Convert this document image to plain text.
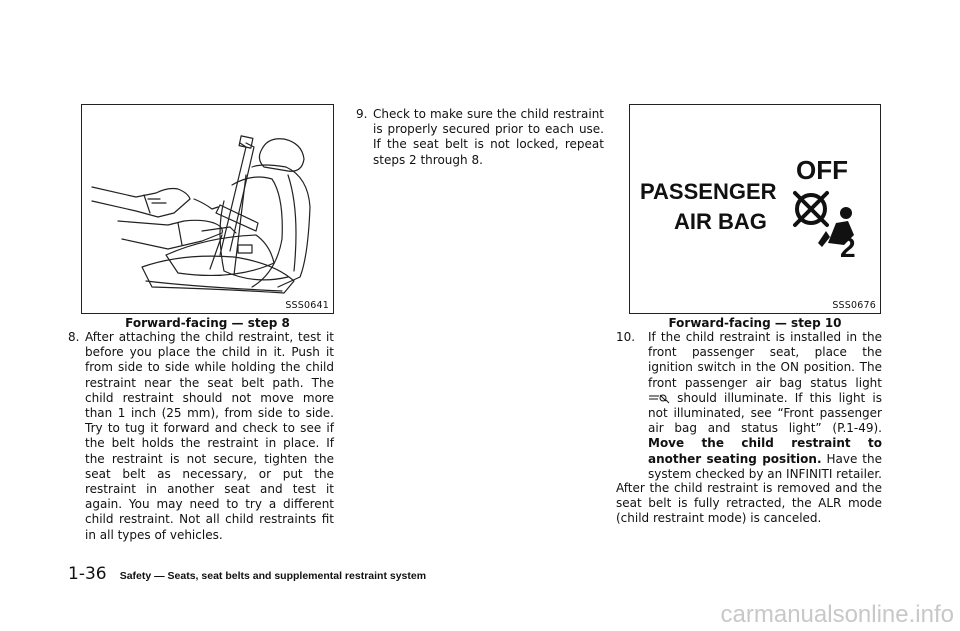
SSS0641
Forward-facing — step 8
8. After attaching the child restraint, test it before you place the child in it. Push it from side to side while holding the child restraint near the seat belt path. The child restraint should not move more than 1 inch (25 mm), from side to side. Try to tug it forward and check to see if the belt holds the restraint in place. If the restraint is not secure, tighten the seat belt as necessary, or put the restraint in another seat and test it again. You may need to try a different child restraint. Not all child restraints fit in all types of vehicles.
9. Check to make sure the child restraint is properly secured prior to each use. If the seat belt is not locked, repeat steps 2 through 8.	OFF
PASSENGER
AIR BAG
2
SSS0676
Forward-facing — step 10
10.	If the child restraint is installed in the front passenger seat, place the ignition switch in the ON position. The front passenger air bag status light  should illuminate. If this light is not illuminated, see “Front passenger air bag and status light” (P.1-49). Move the child restraint to another seating position. Have the system checked by an INFINITI retailer.
After the child restraint is removed and the seat belt is fully retracted, the ALR mode (child restraint mode) is canceled.
1-36 Safety — Seats, seat belts and supplemental restraint system
carmanualsonline.info
